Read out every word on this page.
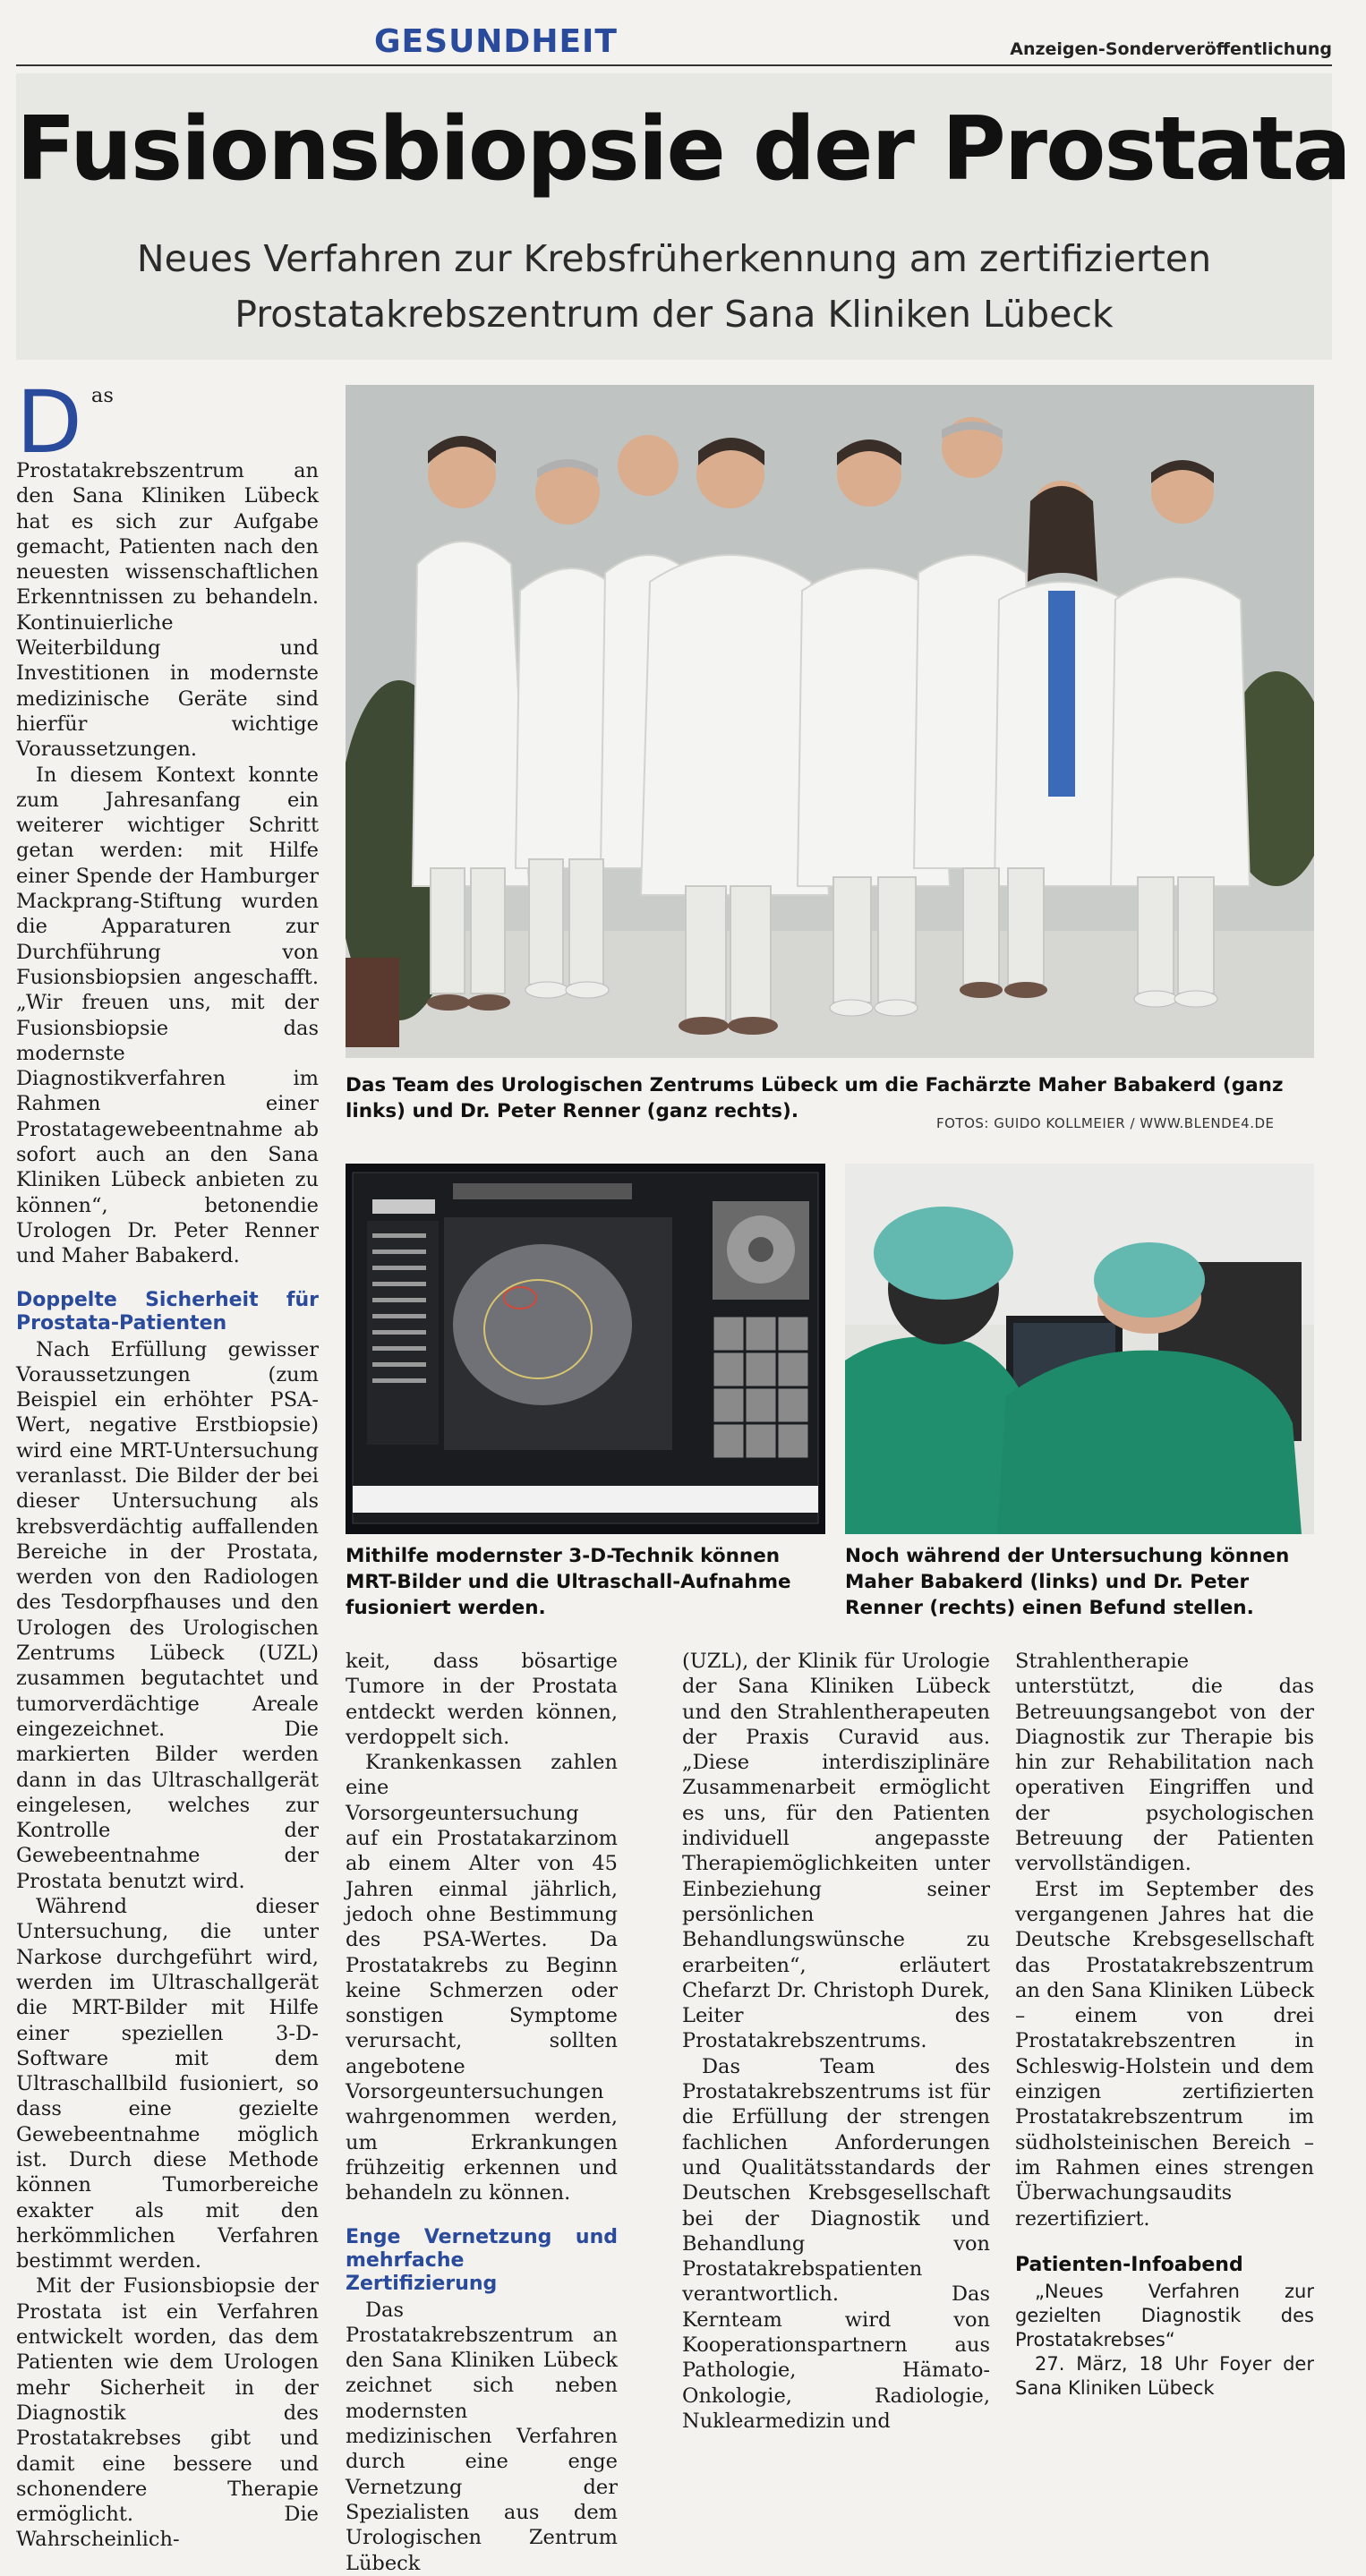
GESUNDHEIT	Anzeigen-Sonderveröffentlichung
Fusionsbiopsie der Prostata
Neues Verfahren zur Krebsfrüherkennung am zertifizierten
Prostatakrebszentrum der Sana Kliniken Lübeck
D as Prostatakrebszentrum an den Sana Kliniken Lübeck hat es sich zur Aufgabe gemacht, Patienten nach den neuesten wissenschaftlichen Erkenntnissen zu behandeln. Kontinuierliche Weiterbildung und Investitionen in modernste medizinische Geräte sind hierfür wichtige Voraussetzungen.

In diesem Kontext konnte zum Jahresanfang ein weiterer wichtiger Schritt getan werden: mit Hilfe einer Spende der Hamburger Mackprang-Stiftung wurden die Apparaturen zur Durchführung von Fusionsbiopsien angeschafft. „Wir freuen uns, mit der Fusionsbiopsie das modernste Diagnostikverfahren im Rahmen einer Prostatagewebeentnahme ab sofort auch an den Sana Kliniken Lübeck anbieten zu können“, betonendie Urologen Dr. Peter Renner und Maher Babakerd.

Doppelte Sicherheit für Prostata-Patienten

Nach Erfüllung gewisser Voraussetzungen (zum Beispiel ein erhöhter PSA-Wert, negative Erstbiopsie) wird eine MRT-Untersuchung veranlasst. Die Bilder der bei dieser Untersuchung als krebsverdächtig auffallenden Bereiche in der Prostata, werden von den Radiologen des Tesdorpfhauses und den Urologen des Urologischen Zentrums Lübeck (UZL) zusammen begutachtet und tumorverdächtige Areale eingezeichnet. Die markierten Bilder werden dann in das Ultraschallgerät eingelesen, welches zur Kontrolle der Gewebeentnahme der Prostata benutzt wird.

Während dieser Untersuchung, die unter Narkose durchgeführt wird, werden im Ultraschallgerät die MRT-Bilder mit Hilfe einer speziellen 3-D-Software mit dem Ultraschallbild fusioniert, so dass eine gezielte Gewebeentnahme möglich ist. Durch diese Methode können Tumorbereiche exakter als mit den herkömmlichen Verfahren bestimmt werden.

Mit der Fusionsbiopsie der Prostata ist ein Verfahren entwickelt worden, das dem Patienten wie dem Urologen mehr Sicherheit in der Diagnostik des Prostatakrebses gibt und damit eine bessere und schonendere Therapie ermöglicht. Die Wahrscheinlich-

Das Team des Urologischen Zentrums Lübeck um die Fachärzte Maher Babakerd (ganz links) und Dr. Peter Renner (ganz rechts).
FOTOS: GUIDO KOLLMEIER / WWW.BLENDE4.DE
Mithilfe modernster 3-D-Technik können MRT-Bilder und die Ultraschall-Aufnahme fusioniert werden.
Noch während der Untersuchung können Maher Babakerd (links) und Dr. Peter Renner (rechts) einen Befund stellen.

keit, dass bösartige Tumore in der Prostata entdeckt werden können, verdoppelt sich.

Krankenkassen zahlen eine Vorsorgeuntersuchung auf ein Prostatakarzinom ab einem Alter von 45 Jahren einmal jährlich, jedoch ohne Bestimmung des PSA-Wertes. Da Prostatakrebs zu Beginn keine Schmerzen oder sonstigen Symptome verursacht, sollten angebotene Vorsorgeuntersuchungen wahrgenommen werden, um Erkrankungen frühzeitig erkennen und behandeln zu können.

Enge Vernetzung und mehrfache Zertifizierung

Das Prostatakrebszentrum an den Sana Kliniken Lübeck zeichnet sich neben modernsten medizinischen Verfahren durch eine enge Vernetzung der Spezialisten aus dem Urologischen Zentrum Lübeck

(UZL), der Klinik für Urologie der Sana Kliniken Lübeck und den Strahlentherapeuten der Praxis Curavid aus. „Diese interdisziplinäre Zusammenarbeit ermöglicht es uns, für den Patienten individuell angepasste Therapiemöglichkeiten unter Einbeziehung seiner persönlichen Behandlungswünsche zu erarbeiten“, erläutert Chefarzt Dr. Christoph Durek, Leiter des Prostatakrebszentrums.

Das Team des Prostatakrebszentrums ist für die Erfüllung der strengen fachlichen Anforderungen und Qualitätsstandards der Deutschen Krebsgesellschaft bei der Diagnostik und Behandlung von Prostatakrebspatienten verantwortlich. Das Kernteam wird von Kooperationspartnern aus Pathologie, Hämato-Onkologie, Radiologie, Nuklearmedizin und

Strahlentherapie unterstützt, die das Betreuungsangebot von der Diagnostik zur Therapie bis hin zur Rehabilitation nach operativen Eingriffen und der psychologischen Betreuung der Patienten vervollständigen.

Erst im September des vergangenen Jahres hat die Deutsche Krebsgesellschaft das Prostatakrebszentrum an den Sana Kliniken Lübeck – einem von drei Prostatakrebszentren in Schleswig-Holstein und dem einzigen zertifizierten Prostatakrebszentrum im südholsteinischen Bereich – im Rahmen eines strengen Überwachungsaudits rezertifiziert.

Patienten-Infoabend

„Neues Verfahren zur gezielten Diagnostik des Prostatakrebses“

27. März, 18 Uhr Foyer der Sana Kliniken Lübeck
